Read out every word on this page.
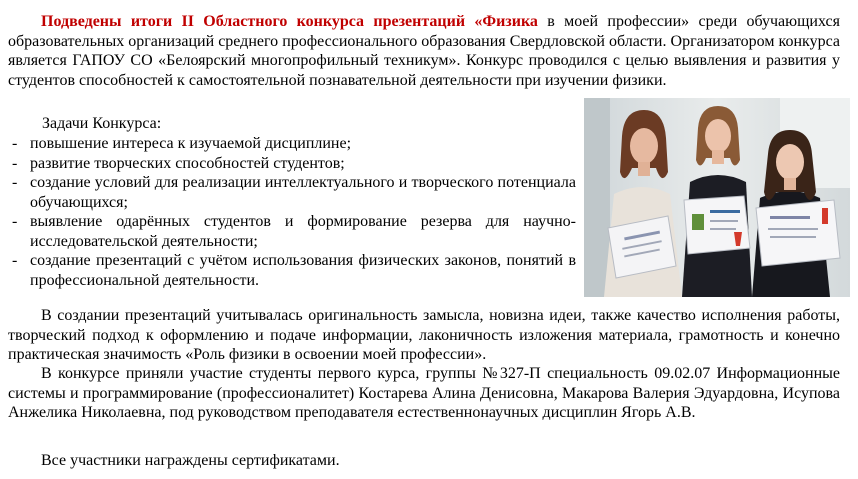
Подведены итоги II Областного конкурса презентаций «Физика в моей профессии» среди обучающихся образовательных организаций среднего профессионального образования Свердловской области. Организатором конкурса является ГАПОУ СО «Белоярский многопрофильный техникум». Конкурс проводился с целью выявления и развития у студентов способностей к самостоятельной познавательной деятельности при изучении физики.
Задачи Конкурса:
- повышение интереса к изучаемой дисциплине;
- развитие творческих способностей студентов;
- создание условий для реализации интеллектуального и творческого потенциала обучающихся;
- выявление одарённых студентов и формирование резерва для научно-исследовательской деятельности;
- создание презентаций с учётом использования физических законов, понятий в профессиональной деятельности.
В создании презентаций учитывалась оригинальность замысла, новизна идеи, также качество исполнения работы, творческий подход к оформлению и подаче информации, лаконичность изложения материала, грамотность и конечно практическая значимость «Роль физики в освоении моей профессии».
В конкурсе приняли участие студенты первого курса, группы №327-П специальность 09.02.07 Информационные системы и программирование (профессионалитет) Костарева Алина Денисовна, Макарова Валерия Эдуардовна, Исупова Анжелика Николаевна, под руководством преподавателя естественнонаучных дисциплин Ягорь А.В.
Все участники награждены сертификатами.
